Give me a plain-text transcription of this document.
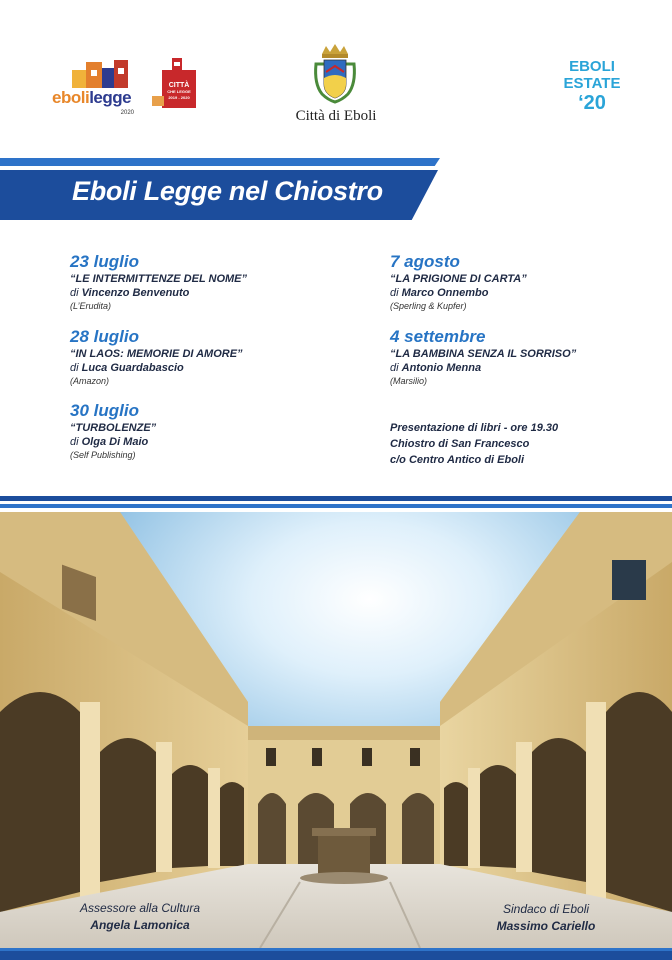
ebolilegge
2020
CITTÀ
CHE LEGGE
2019 - 2020
Città di Eboli
EBOLI
ESTATE
‘20
Eboli Legge nel Chiostro
23 luglio
“LE INTERMITTENZE DEL NOME”
di Vincenzo Benvenuto
(L’Erudita)
28 luglio
“IN LAOS: MEMORIE DI AMORE”
di Luca Guardabascio
(Amazon)
30 luglio
“TURBOLENZE”
di Olga Di Maio
(Self Publishing)
7 agosto
“LA PRIGIONE DI CARTA”
di Marco Onnembo
(Sperling & Kupfer)
4 settembre
“LA BAMBINA SENZA IL SORRISO”
di Antonio Menna
(Marsilio)
Presentazione di libri - ore 19.30
Chiostro di San Francesco
c/o Centro Antico di Eboli
Assessore alla Cultura
Angela Lamonica
Sindaco di Eboli
Massimo Cariello
